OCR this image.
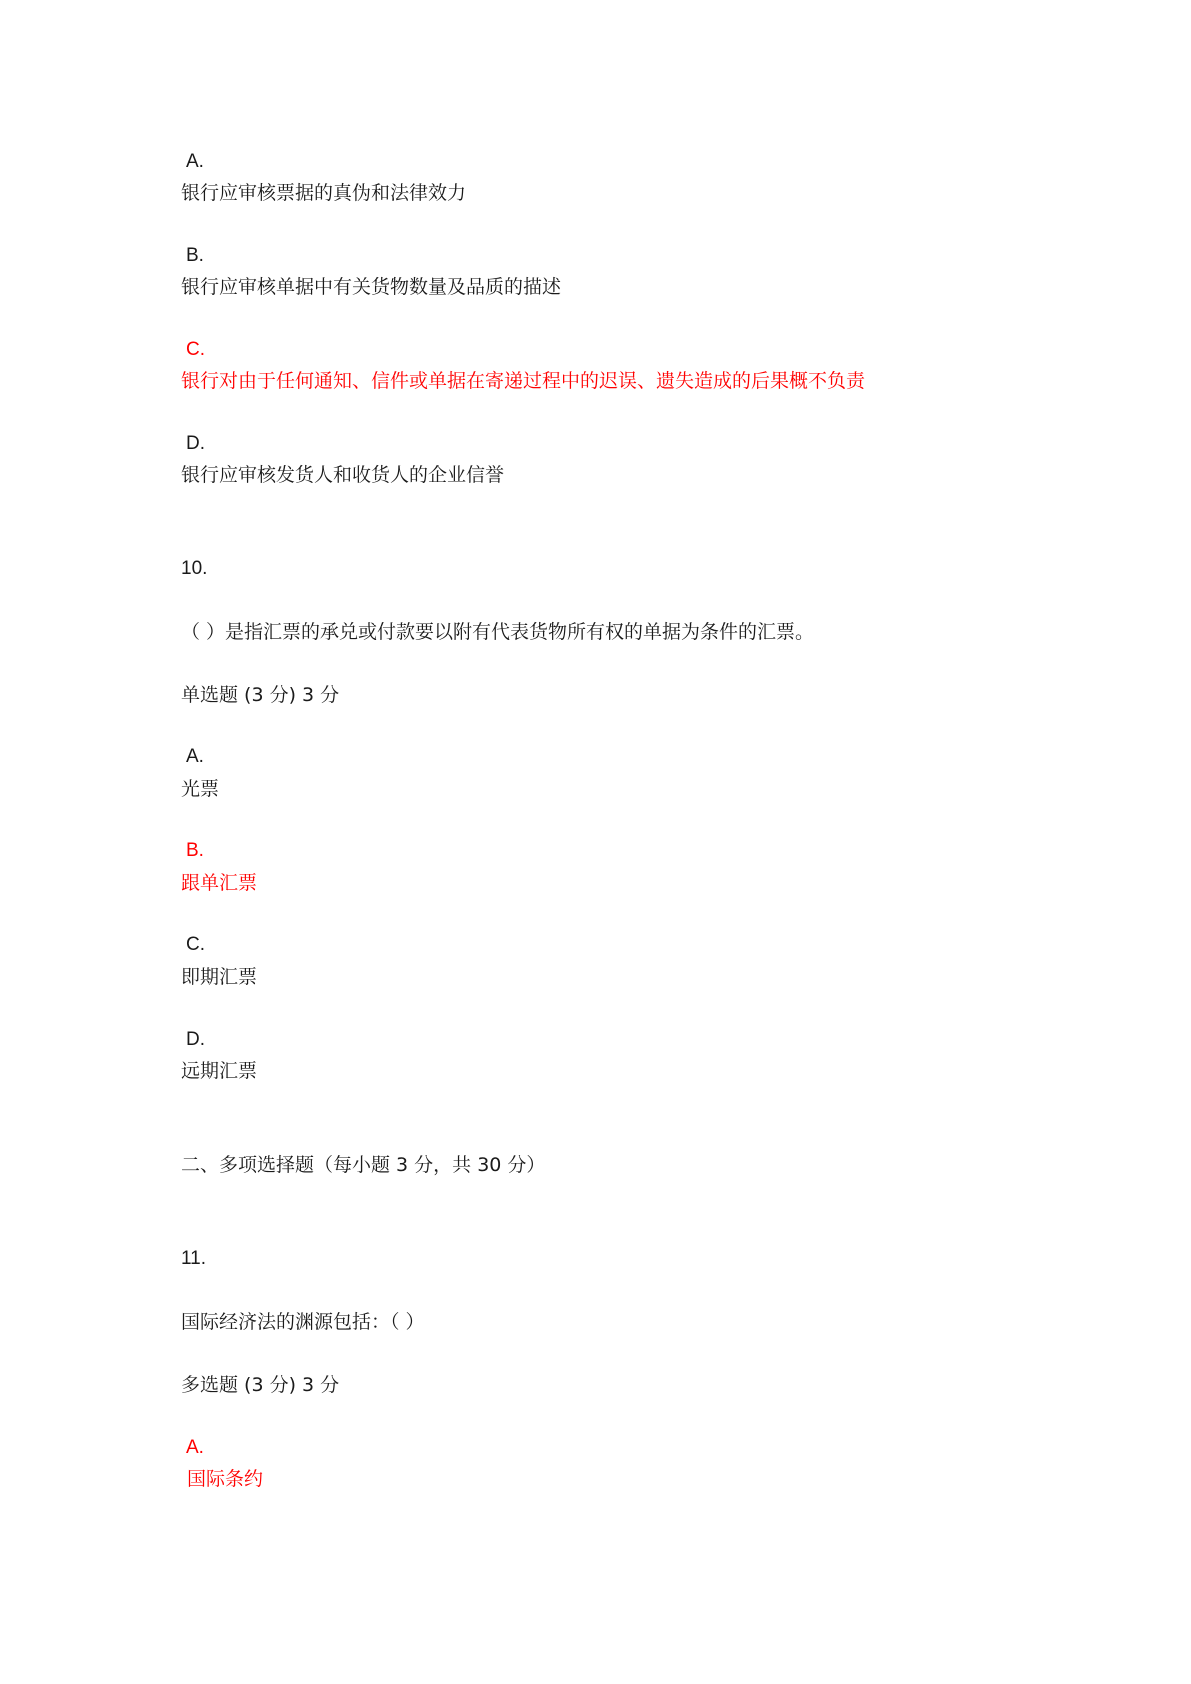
A.

银行应审核票据的真伪和法律效力

B.

银行应审核单据中有关货物数量及品质的描述

C.

银行对由于任何通知、信件或单据在寄递过程中的迟误、遗失造成的后果概不负责

D.

银行应审核发货人和收货人的企业信誉

10.

（ ）是指汇票的承兑或付款要以附有代表货物所有权的单据为条件的汇票。

单选题 (3 分) 3 分

A.

光票

B.

跟单汇票

C.

即期汇票

D.

远期汇票

二、多项选择题（每小题 3 分，共 30 分）

11.

国际经济法的渊源包括：（ ）

多选题 (3 分) 3 分

A.

国际条约
